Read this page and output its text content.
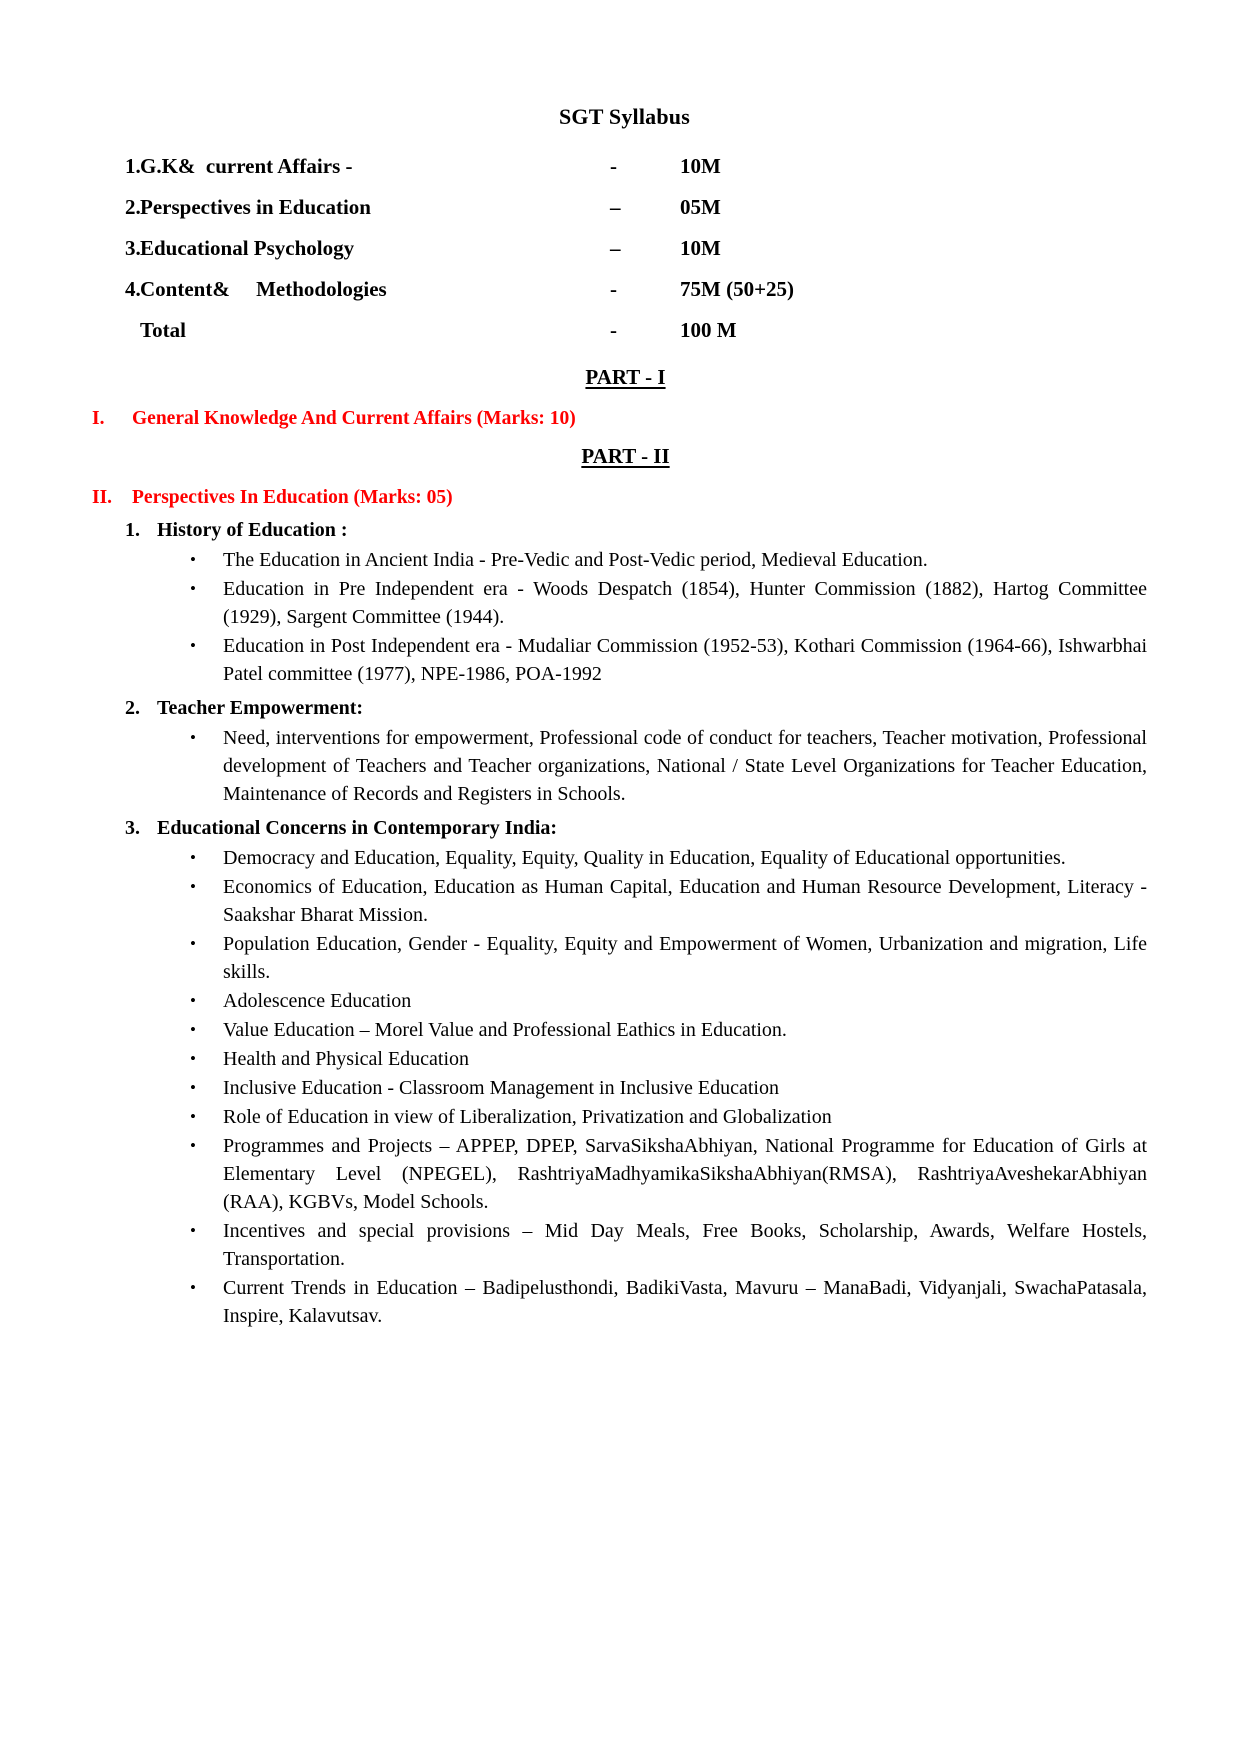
SGT Syllabus
1. G.K&  current Affairs -	-	10M
2. Perspectives in Education	–	05M
3. Educational Psychology	–	10M
4. Content&     Methodologies	-	75M (50+25)
Total	-	100 M
PART - I
I.	General Knowledge And Current Affairs (Marks: 10)
PART - II
II.	Perspectives In Education (Marks: 05)
1. History of Education :
•	The Education in Ancient India - Pre-Vedic and Post-Vedic period, Medieval Education.
•	Education in Pre Independent era - Woods Despatch (1854), Hunter Commission (1882), Hartog Committee (1929), Sargent Committee (1944).
•	Education in Post Independent era - Mudaliar Commission (1952-53), Kothari Commission (1964-66), Ishwarbhai Patel committee (1977), NPE-1986, POA-1992
2. Teacher Empowerment:
•	Need, interventions for empowerment, Professional code of conduct for teachers, Teacher motivation, Professional development of Teachers and Teacher organizations, National / State Level Organizations for Teacher Education, Maintenance of Records and Registers in Schools.
3. Educational Concerns in Contemporary India:
•	Democracy and Education, Equality, Equity, Quality in Education, Equality of Educational opportunities.
•	Economics of Education, Education as Human Capital, Education and Human Resource Development, Literacy - Saakshar Bharat Mission.
•	Population Education, Gender - Equality, Equity and Empowerment of Women, Urbanization and migration, Life skills.
•	Adolescence Education
•	Value Education – Morel Value and Professional Eathics in Education.
•	Health and Physical Education
•	Inclusive Education - Classroom Management in Inclusive Education
•	Role of Education in view of Liberalization, Privatization and Globalization
•	Programmes and Projects – APPEP, DPEP, SarvaSikshaAbhiyan, National Programme for Education of Girls at Elementary Level (NPEGEL), RashtriyaMadhyamikaSikshaAbhiyan(RMSA), RashtriyaAveshekarAbhiyan (RAA), KGBVs, Model Schools.
•	Incentives and special provisions – Mid Day Meals, Free Books, Scholarship, Awards, Welfare Hostels, Transportation.
•	Current Trends in Education – Badipelusthondi, BadikiVasta, Mavuru – ManaBadi, Vidyanjali, SwachaPatasala, Inspire, Kalavutsav.
